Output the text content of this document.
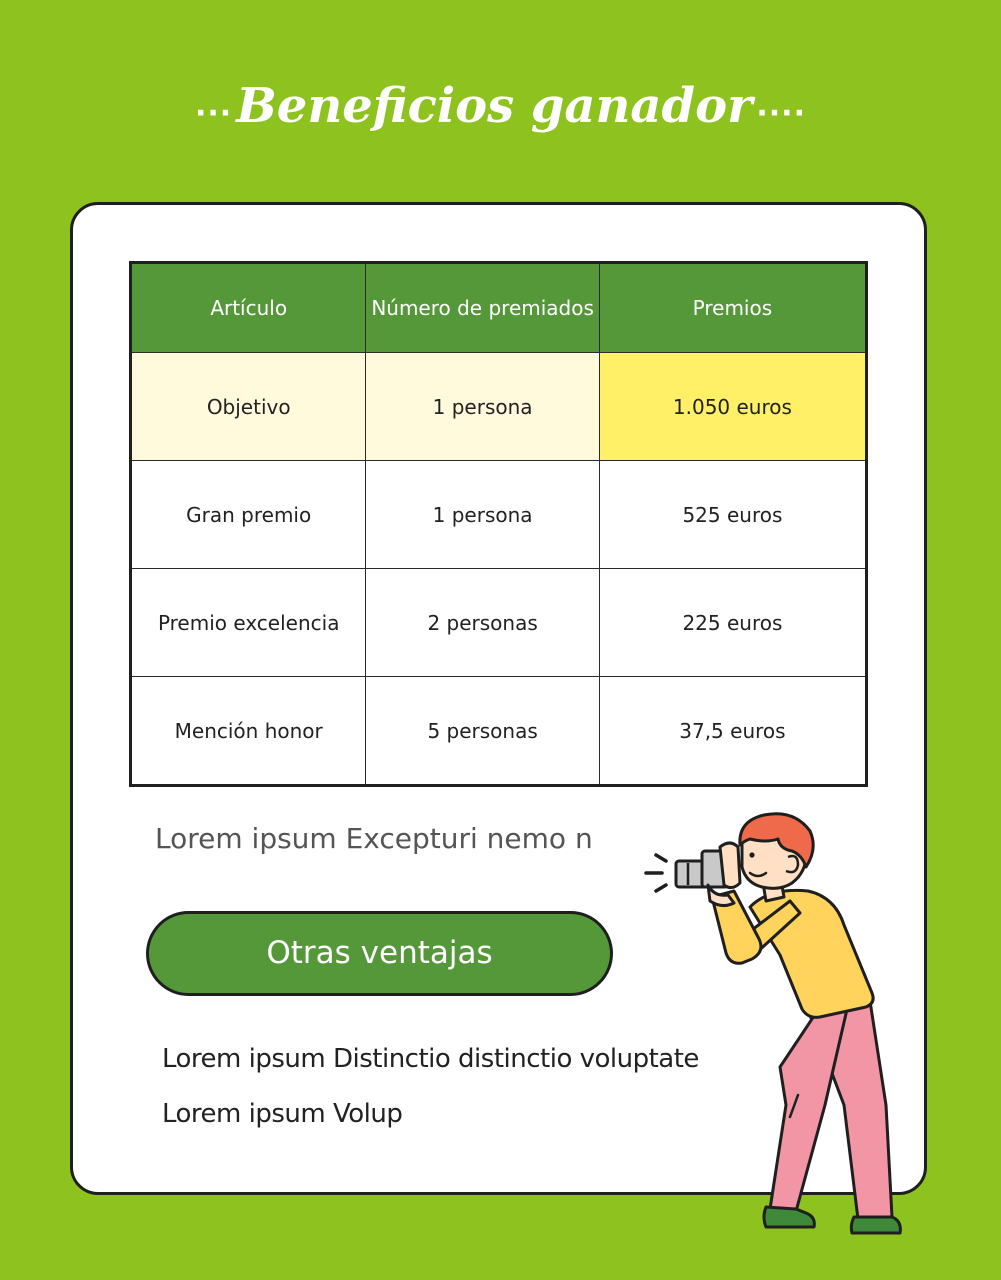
...Beneficios ganador ....
Artículo	Número de premiados	Premios
Objetivo	1 persona	1.050 euros
Gran premio	1 persona	525 euros
Premio excelencia	2 personas	225 euros
Mención honor	5 personas	37,5 euros
Lorem ipsum Excepturi nemo n
Otras ventajas
Lorem ipsum Distinctio distinctio voluptate
Lorem ipsum Volup
